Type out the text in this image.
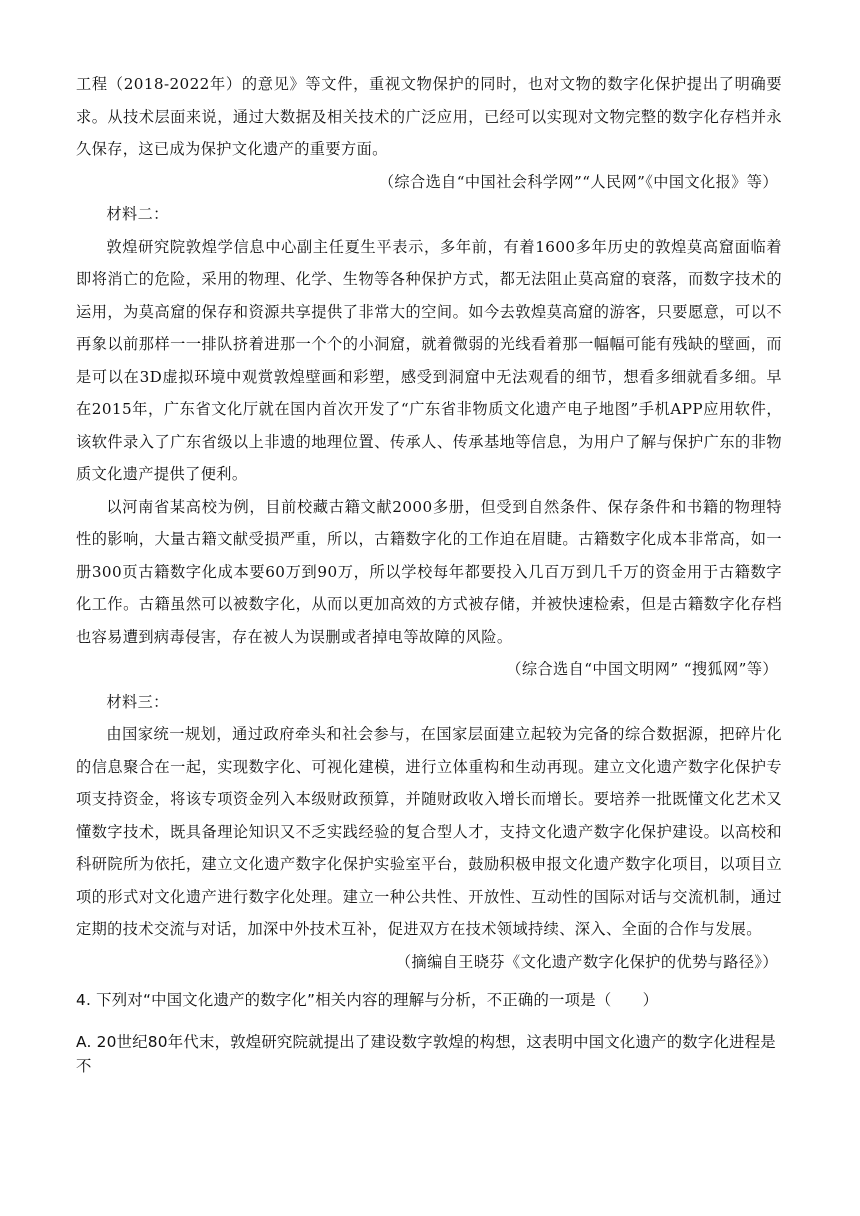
工程（2018-2022年）的意见》等文件，重视文物保护的同时，也对文物的数字化保护提出了明确要求。从技术层面来说，通过大数据及相关技术的广泛应用，已经可以实现对文物完整的数字化存档并永久保存，这已成为保护文化遗产的重要方面。

（综合选自“中国社会科学网”“人民网”《中国文化报》等）

材料二：

敦煌研究院敦煌学信息中心副主任夏生平表示，多年前，有着1600多年历史的敦煌莫高窟面临着即将消亡的危险，采用的物理、化学、生物等各种保护方式，都无法阻止莫高窟的衰落，而数字技术的运用，为莫高窟的保存和资源共享提供了非常大的空间。如今去敦煌莫高窟的游客，只要愿意，可以不再象以前那样一一排队挤着进那一个个的小洞窟，就着微弱的光线看着那一幅幅可能有残缺的壁画，而是可以在3D虚拟环境中观赏敦煌壁画和彩塑，感受到洞窟中无法观看的细节，想看多细就看多细。早在2015年，广东省文化厅就在国内首次开发了“广东省非物质文化遗产电子地图”手机APP应用软件，该软件录入了广东省级以上非遗的地理位置、传承人、传承基地等信息，为用户了解与保护广东的非物质文化遗产提供了便利。

以河南省某高校为例，目前校藏古籍文献2000多册，但受到自然条件、保存条件和书籍的物理特性的影响，大量古籍文献受损严重，所以，古籍数字化的工作迫在眉睫。古籍数字化成本非常高，如一册300页古籍数字化成本要60万到90万，所以学校每年都要投入几百万到几千万的资金用于古籍数字化工作。古籍虽然可以被数字化，从而以更加高效的方式被存储，并被快速检索，但是古籍数字化存档也容易遭到病毒侵害，存在被人为误删或者掉电等故障的风险。

（综合选自“中国文明网” “搜狐网”等）

材料三：

由国家统一规划，通过政府牵头和社会参与，在国家层面建立起较为完备的综合数据源，把碎片化的信息聚合在一起，实现数字化、可视化建模，进行立体重构和生动再现。建立文化遗产数字化保护专项支持资金，将该专项资金列入本级财政预算，并随财政收入增长而增长。要培养一批既懂文化艺术又懂数字技术，既具备理论知识又不乏实践经验的复合型人才，支持文化遗产数字化保护建设。以高校和科研院所为依托，建立文化遗产数字化保护实验室平台，鼓励积极申报文化遗产数字化项目，以项目立项的形式对文化遗产进行数字化处理。建立一种公共性、开放性、互动性的国际对话与交流机制，通过定期的技术交流与对话，加深中外技术互补，促进双方在技术领域持续、深入、全面的合作与发展。

（摘编自王晓芬《文化遗产数字化保护的优势与路径》）

4. 下列对“中国文化遗产的数字化”相关内容的理解与分析，不正确的一项是（　　）

A. 20世纪80年代末，敦煌研究院就提出了建设数字敦煌的构想，这表明中国文化遗产的数字化进程是不
